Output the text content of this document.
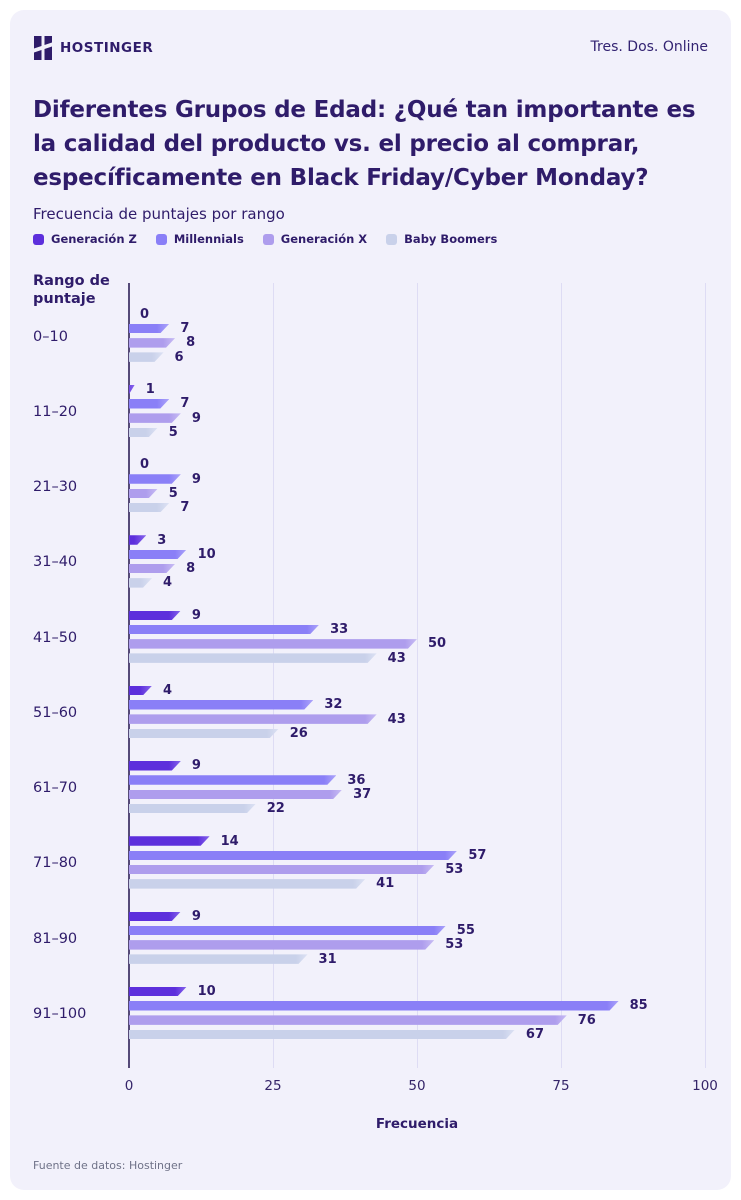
HOSTINGER	Tres. Dos. Online
Diferentes Grupos de Edad: ¿Qué tan importante es la calidad del producto vs. el precio al comprar, específicamente en Black Friday/Cyber Monday?
Frecuencia de puntajes por rango
Generación Z	Millennials	Generación X	Baby Boomers
Rango de puntaje
0	25	50	75	100
Frecuencia
0–10
0
7
8
6
11–20
1
7
9
5
21–30
0
9
5
7
31–40
3
10
8
4
41–50
9
33
50
43
51–60
4
32
43
26
61–70
9
36
37
22
71–80
14
57
53
41
81–90
9
55
53
31
91–100
10
85
76
67
Fuente de datos: Hostinger
